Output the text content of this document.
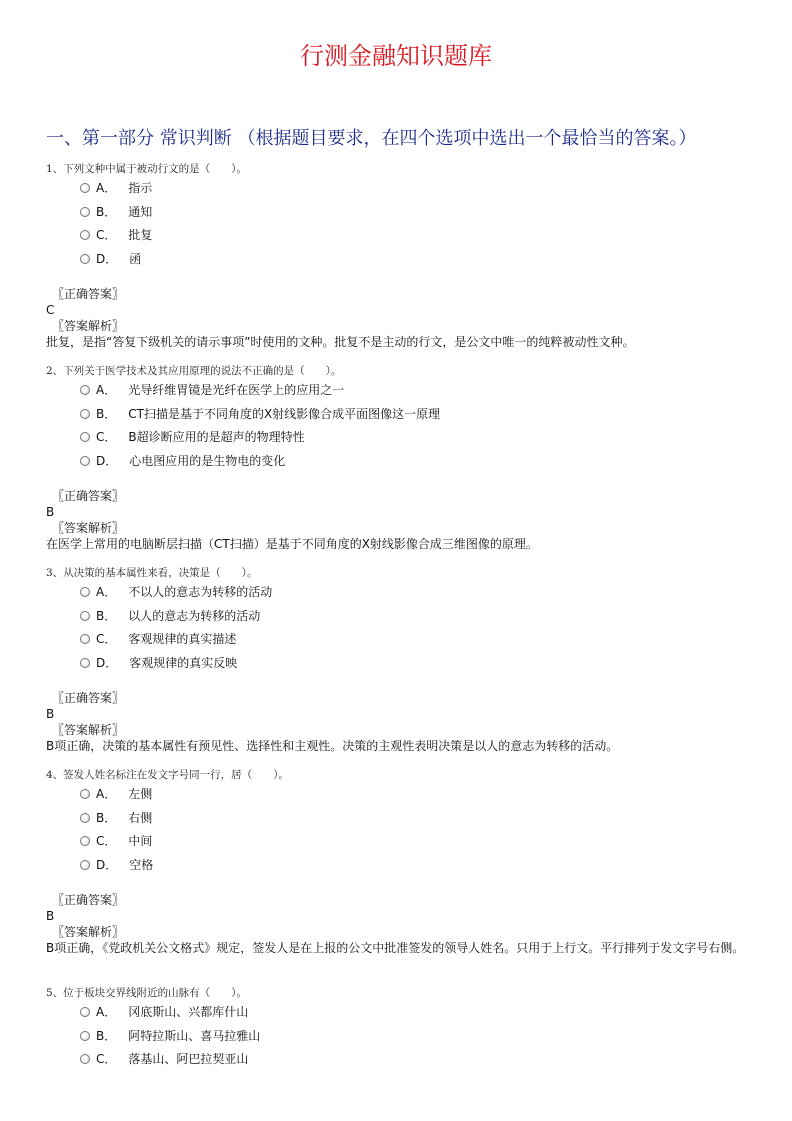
行测金融知识题库
一、第一部分 常识判断 （根据题目要求，在四个选项中选出一个最恰当的答案。）
1、下列文种中属于被动行文的是（　　）。
A． 指示
B． 通知
C． 批复
D． 函
〖正确答案〗
C
〖答案解析〗
批复，是指“答复下级机关的请示事项”时使用的文种。批复不是主动的行文，是公文中唯一的纯粹被动性文种。
2、下列关于医学技术及其应用原理的说法不正确的是（　　）。
A． 光导纤维胃镜是光纤在医学上的应用之一
B． CT扫描是基于不同角度的X射线影像合成平面图像这一原理
C． B超诊断应用的是超声的物理特性
D． 心电图应用的是生物电的变化
〖正确答案〗
B
〖答案解析〗
在医学上常用的电脑断层扫描（CT扫描）是基于不同角度的X射线影像合成三维图像的原理。
3、从决策的基本属性来看，决策是（　　）。
A． 不以人的意志为转移的活动
B． 以人的意志为转移的活动
C． 客观规律的真实描述
D． 客观规律的真实反映
〖正确答案〗
B
〖答案解析〗
B项正确，决策的基本属性有预见性、选择性和主观性。决策的主观性表明决策是以人的意志为转移的活动。
4、签发人姓名标注在发文字号同一行，居（　　）。
A． 左侧
B． 右侧
C． 中间
D． 空格
〖正确答案〗
B
〖答案解析〗
B项正确，《党政机关公文格式》规定，签发人是在上报的公文中批准签发的领导人姓名。只用于上行文。平行排列于发文字号右侧。
5、位于板块交界线附近的山脉有（　　）。
A． 冈底斯山、兴都库什山
B． 阿特拉斯山、喜马拉雅山
C． 落基山、阿巴拉契亚山
